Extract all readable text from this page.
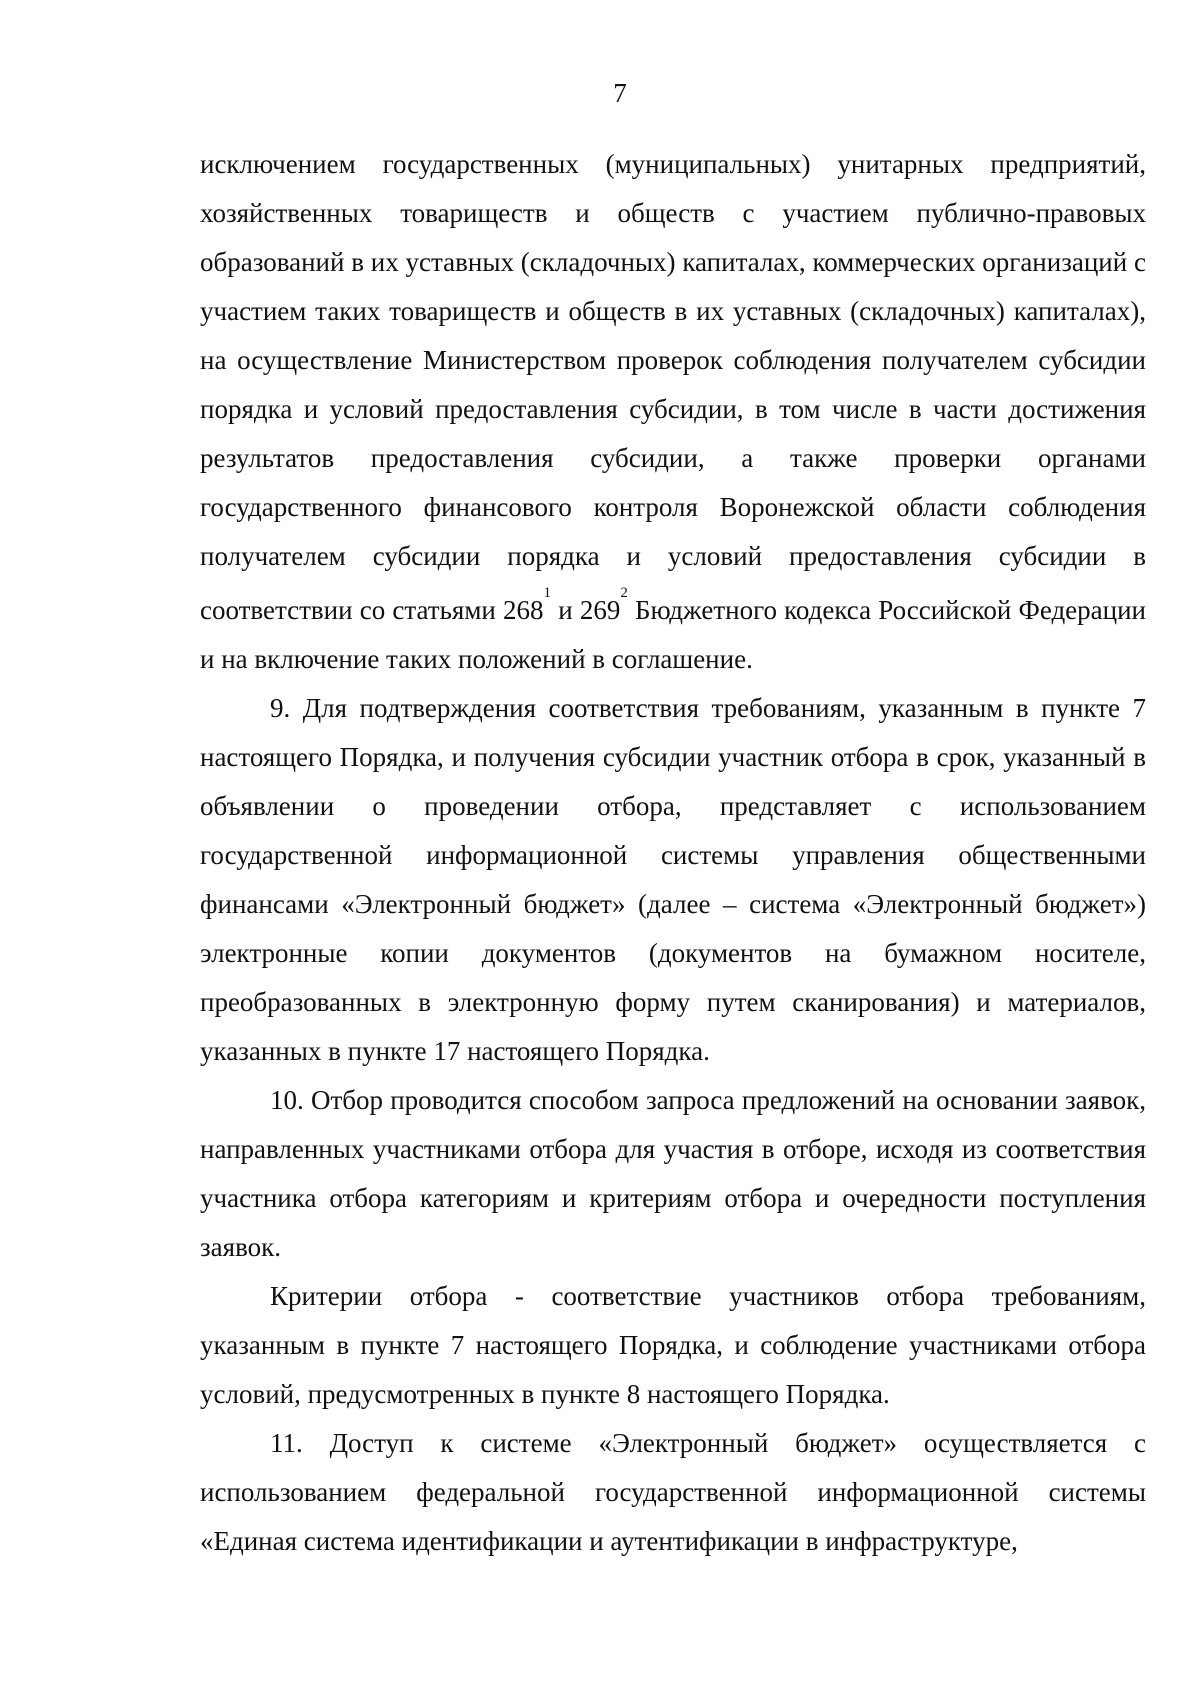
7

исключением государственных (муниципальных) унитарных предприятий, хозяйственных товариществ и обществ с участием публично-правовых образований в их уставных (складочных) капиталах, коммерческих организаций с участием таких товариществ и обществ в их уставных (складочных) капиталах), на осуществление Министерством проверок соблюдения получателем субсидии порядка и условий предоставления субсидии, в том числе в части достижения результатов предоставления субсидии, а также проверки органами государственного финансового контроля Воронежской области соблюдения получателем субсидии порядка и условий предоставления субсидии в соответствии со статьями 268$^1$ и 269$^2$ Бюджетного кодекса Российской Федерации и на включение таких положений в соглашение.

9. Для подтверждения соответствия требованиям, указанным в пункте 7 настоящего Порядка, и получения субсидии участник отбора в срок, указанный в объявлении о проведении отбора, представляет с использованием государственной информационной системы управления общественными финансами «Электронный бюджет» (далее – система «Электронный бюджет») электронные копии документов (документов на бумажном носителе, преобразованных в электронную форму путем сканирования) и материалов, указанных в пункте 17 настоящего Порядка.

10. Отбор проводится способом запроса предложений на основании заявок, направленных участниками отбора для участия в отборе, исходя из соответствия участника отбора категориям и критериям отбора и очередности поступления заявок.

Критерии отбора - соответствие участников отбора требованиям, указанным в пункте 7 настоящего Порядка, и соблюдение участниками отбора условий, предусмотренных в пункте 8 настоящего Порядка.

11. Доступ к системе «Электронный бюджет» осуществляется с использованием федеральной государственной информационной системы «Единая система идентификации и аутентификации в инфраструктуре,
